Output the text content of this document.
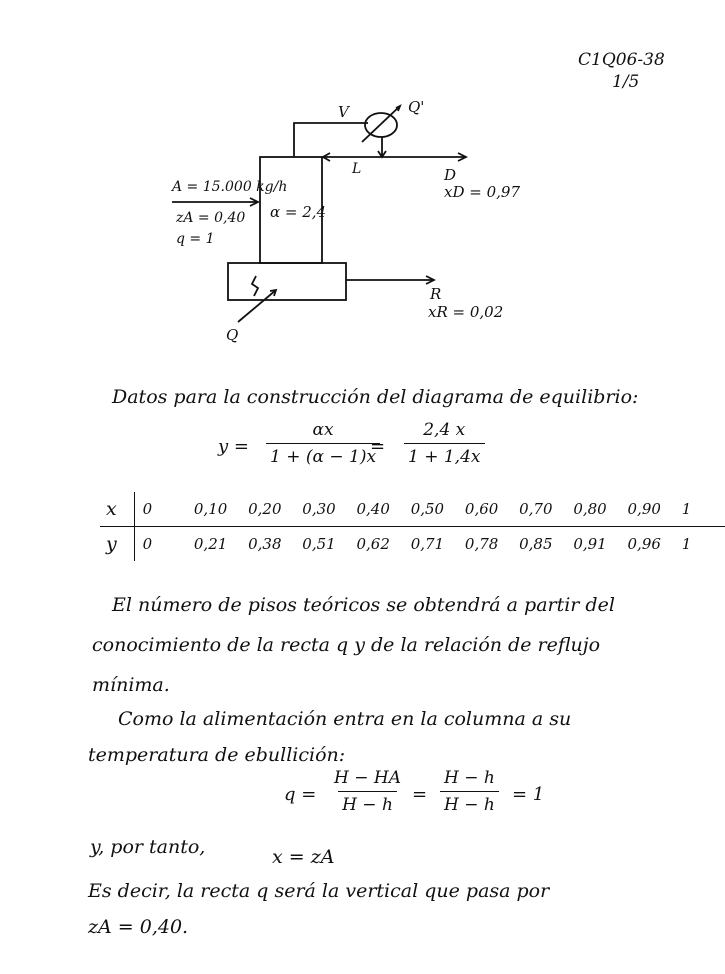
C1Q06-38
1/5
V	Q'
L	D
xD = 0,97
A = 15.000 kg/h
zA = 0,40
q = 1
α = 2,4
R
xR = 0,02
Q
Datos para la construcción del diagrama de equilibrio:
$y = \frac{\alpha x}{1 + (\alpha - 1)x}$
= $\frac{2,4 x}{1 + 1,4x}$
x	0	0,10	0,20	0,30	0,40	0,50	0,60	0,70	0,80	0,90	1
y	0	0,21	0,38	0,51	0,62	0,71	0,78	0,85	0,91	0,96	1
El número de pisos teóricos se obtendrá a partir del
conocimiento de la recta q y de la relación de reflujo
mínima.
Como la alimentación entra en la columna a su
temperatura de ebullición:
$q = \frac{H - HA}{H - h} = \frac{H - h}{H - h} = 1$
y, por tanto,	x = zA
Es decir, la recta q será la vertical que pasa por
zA = 0,40.
